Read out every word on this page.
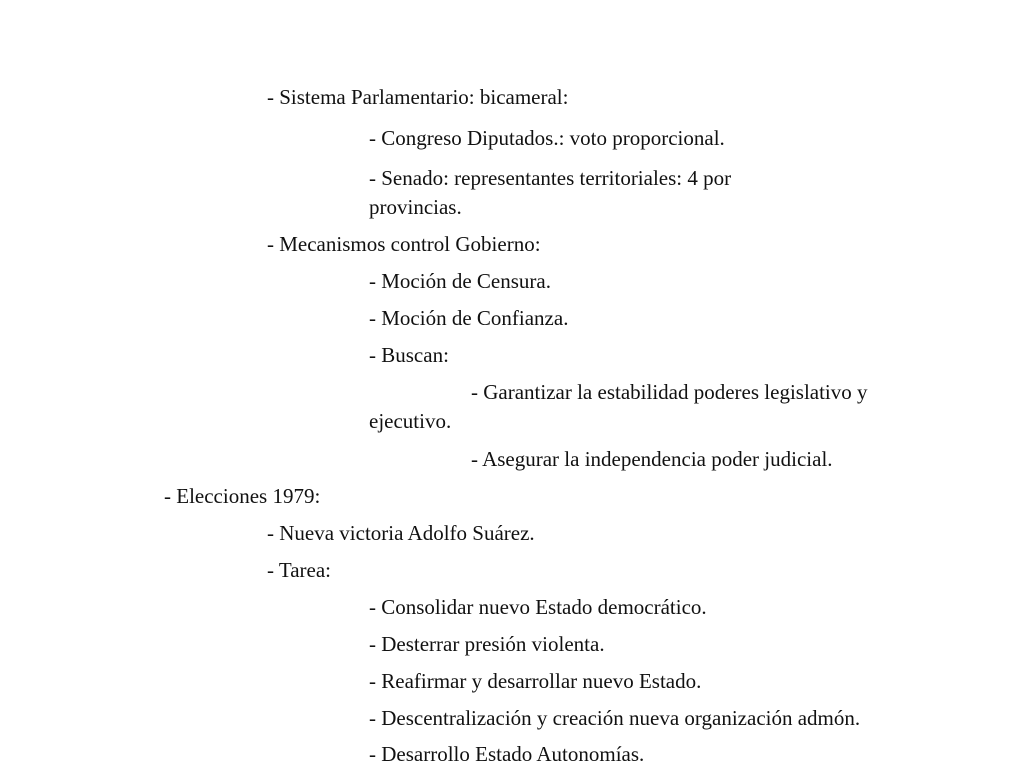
- Sistema Parlamentario: bicameral:
- Congreso Diputados.: voto proporcional.
- Senado: representantes territoriales: 4 por
provincias.
- Mecanismos control Gobierno:
- Moción de Censura.
- Moción de Confianza.
- Buscan:
- Garantizar la estabilidad poderes legislativo y
ejecutivo.
- Asegurar la independencia poder judicial.
- Elecciones 1979:
- Nueva victoria Adolfo Suárez.
- Tarea:
- Consolidar nuevo Estado democrático.
- Desterrar presión violenta.
- Reafirmar y desarrollar nuevo Estado.
- Descentralización y creación nueva organización admón.
- Desarrollo Estado Autonomías.
